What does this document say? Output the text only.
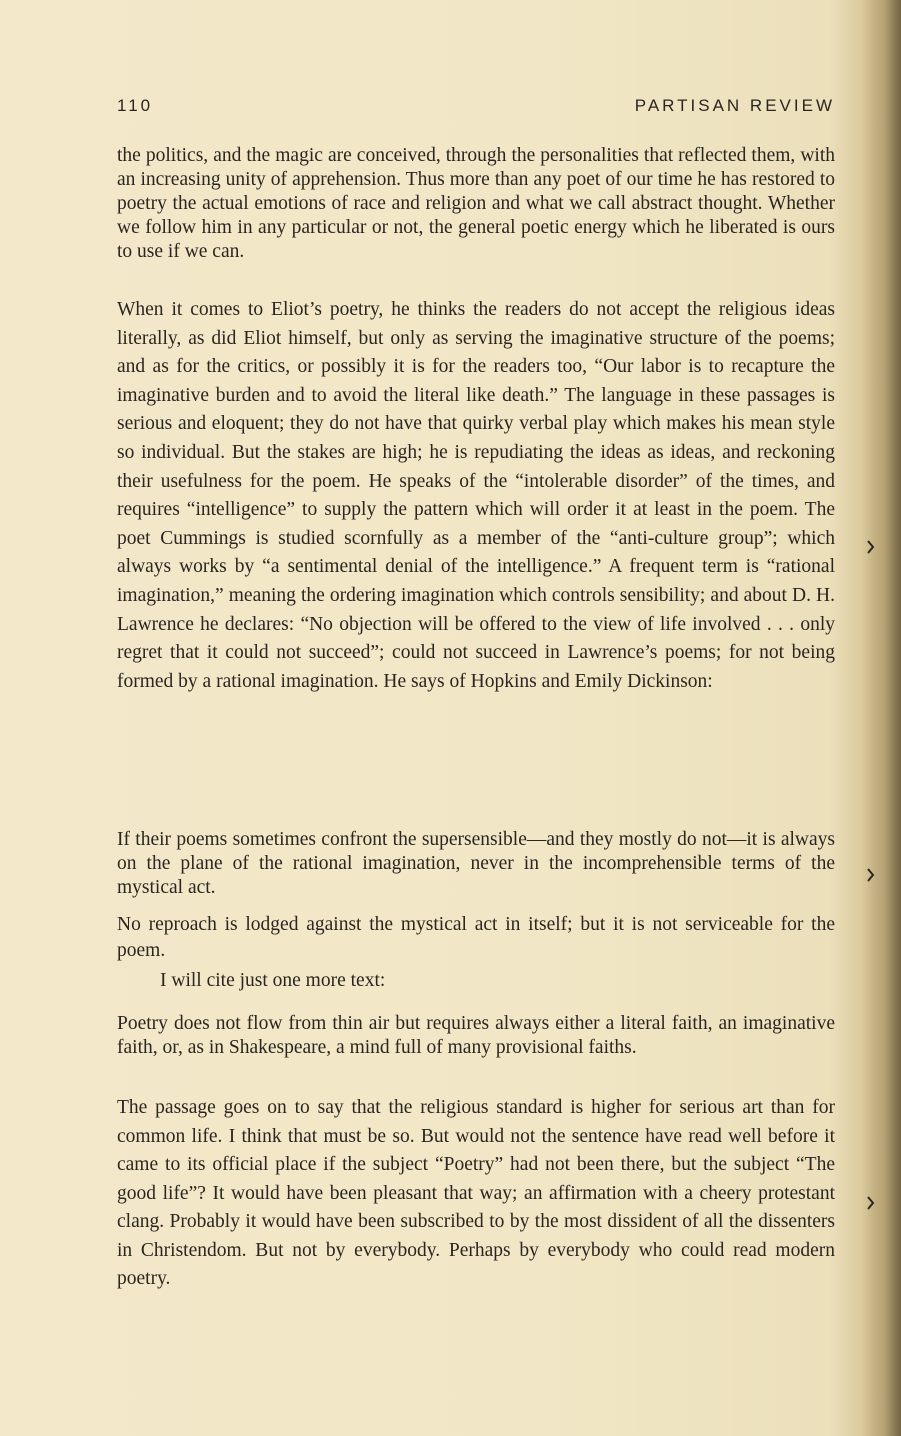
110	PARTISAN REVIEW

the politics, and the magic are conceived, through the personalities that reflected them, with an increasing unity of apprehension. Thus more than any poet of our time he has restored to poetry the actual emotions of race and religion and what we call abstract thought. Whether we follow him in any particular or not, the general poetic energy which he liberated is ours to use if we can.

When it comes to Eliot’s poetry, he thinks the readers do not accept the religious ideas literally, as did Eliot himself, but only as serving the imaginative structure of the poems; and as for the critics, or possibly it is for the readers too, “Our labor is to recapture the imaginative burden and to avoid the literal like death.” The language in these passages is serious and eloquent; they do not have that quirky verbal play which makes his mean style so individual. But the stakes are high; he is repudiating the ideas as ideas, and reckoning their usefulness for the poem. He speaks of the “intolerable disorder” of the times, and requires “intelligence” to supply the pattern which will order it at least in the poem. The poet Cummings is studied scornfully as a member of the “anti-culture group”; which always works by “a sentimental denial of the intelligence.” A frequent term is “rational imagination,” meaning the ordering imagination which controls sensibility; and about D. H. Lawrence he declares: “No objection will be offered to the view of life involved . . . only regret that it could not succeed”; could not succeed in Lawrence’s poems; for not being formed by a rational imagination. He says of Hopkins and Emily Dickinson:

If their poems sometimes confront the supersensible—and they mostly do not—it is always on the plane of the rational imagination, never in the incomprehensible terms of the mystical act.

No reproach is lodged against the mystical act in itself; but it is not serviceable for the poem.

I will cite just one more text:

Poetry does not flow from thin air but requires always either a literal faith, an imaginative faith, or, as in Shakespeare, a mind full of many provisional faiths.

The passage goes on to say that the religious standard is higher for serious art than for common life. I think that must be so. But would not the sentence have read well before it came to its official place if the subject “Poetry” had not been there, but the subject “The good life”? It would have been pleasant that way; an affirmation with a cheery protestant clang. Probably it would have been subscribed to by the most dissident of all the dissenters in Christendom. But not by everybody. Perhaps by everybody who could read modern poetry.
